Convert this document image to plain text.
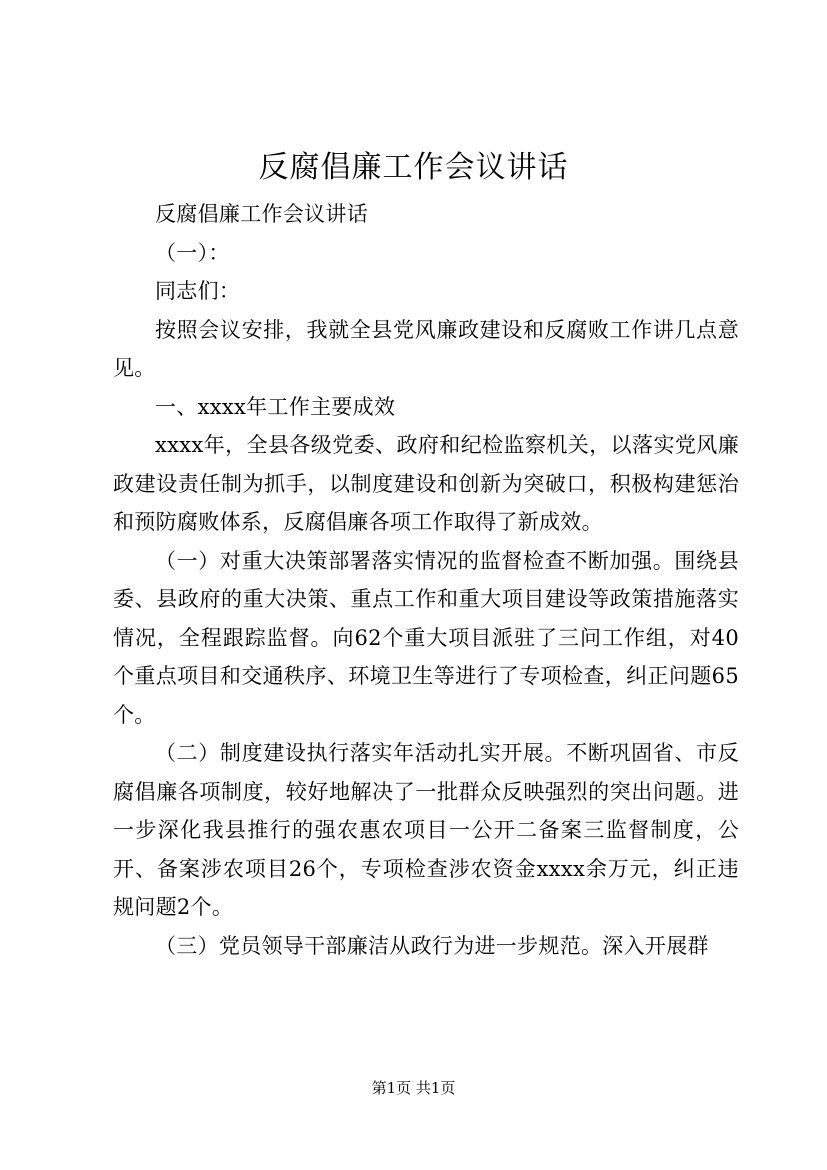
反腐倡廉工作会议讲话

反腐倡廉工作会议讲话

（一）：

同志们：

按照会议安排，我就全县党风廉政建设和反腐败工作讲几点意见。

一、xxxx年工作主要成效

xxxx年，全县各级党委、政府和纪检监察机关，以落实党风廉政建设责任制为抓手，以制度建设和创新为突破口，积极构建惩治和预防腐败体系，反腐倡廉各项工作取得了新成效。

（一）对重大决策部署落实情况的监督检查不断加强。围绕县委、县政府的重大决策、重点工作和重大项目建设等政策措施落实情况，全程跟踪监督。向62个重大项目派驻了三问工作组，对40个重点项目和交通秩序、环境卫生等进行了专项检查，纠正问题65个。

（二）制度建设执行落实年活动扎实开展。不断巩固省、市反腐倡廉各项制度，较好地解决了一批群众反映强烈的突出问题。进一步深化我县推行的强农惠农项目一公开二备案三监督制度，公开、备案涉农项目26个，专项检查涉农资金xxxx余万元，纠正违规问题2个。

（三）党员领导干部廉洁从政行为进一步规范。深入开展群

第1页 共1页
